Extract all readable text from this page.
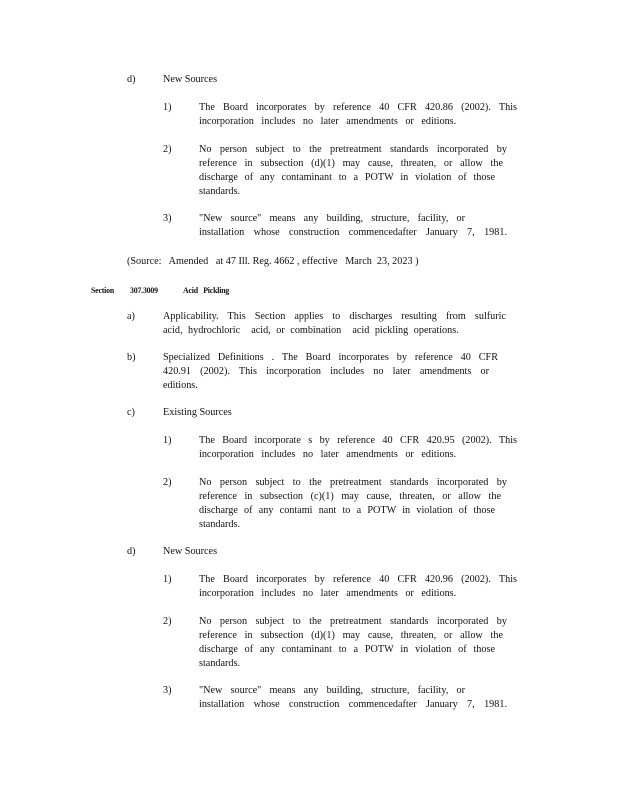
d)	New Sources
1)	The Board incorporates by reference 40 CFR 420.86 (2002). This
incorporation includes no later amendments or editions.
2)	No person subject to the pretreatment standards incorporated by
reference in subsection (d)(1) may cause, threaten, or allow the
discharge of any contaminant to a POTW in violation of those
standards.
3)	"New source" means any building, structure, facility, or
installation whose construction commencedafter January 7, 1981.
(Source:   Amended   at 47 Ill. Reg. 4662 , effective   March  23, 2023 )
Section 307.3009	Acid   Pickling
a)	Applicability. This Section applies to discharges resulting from sulfuric
acid, hydrochloric  acid, or combination  acid pickling operations.
b)	Specialized Definitions . The Board incorporates by reference 40 CFR
420.91 (2002). This incorporation includes no later amendments or
editions.
c)	Existing Sources
1)	The Board incorporate s by reference 40 CFR 420.95 (2002). This
incorporation includes no later amendments or editions.
2)	No person subject to the pretreatment standards incorporated by
reference in subsection (c)(1) may cause, threaten, or allow the
discharge of any contami nant to a POTW in violation of those
standards.
d)	New Sources
1)	The Board incorporates by reference 40 CFR 420.96 (2002). This
incorporation includes no later amendments or editions.
2)	No person subject to the pretreatment standards incorporated by
reference in subsection (d)(1) may cause, threaten, or allow the
discharge of any contaminant to a POTW in violation of those
standards.
3)	"New source" means any building, structure, facility, or
installation whose construction commencedafter January 7, 1981.
